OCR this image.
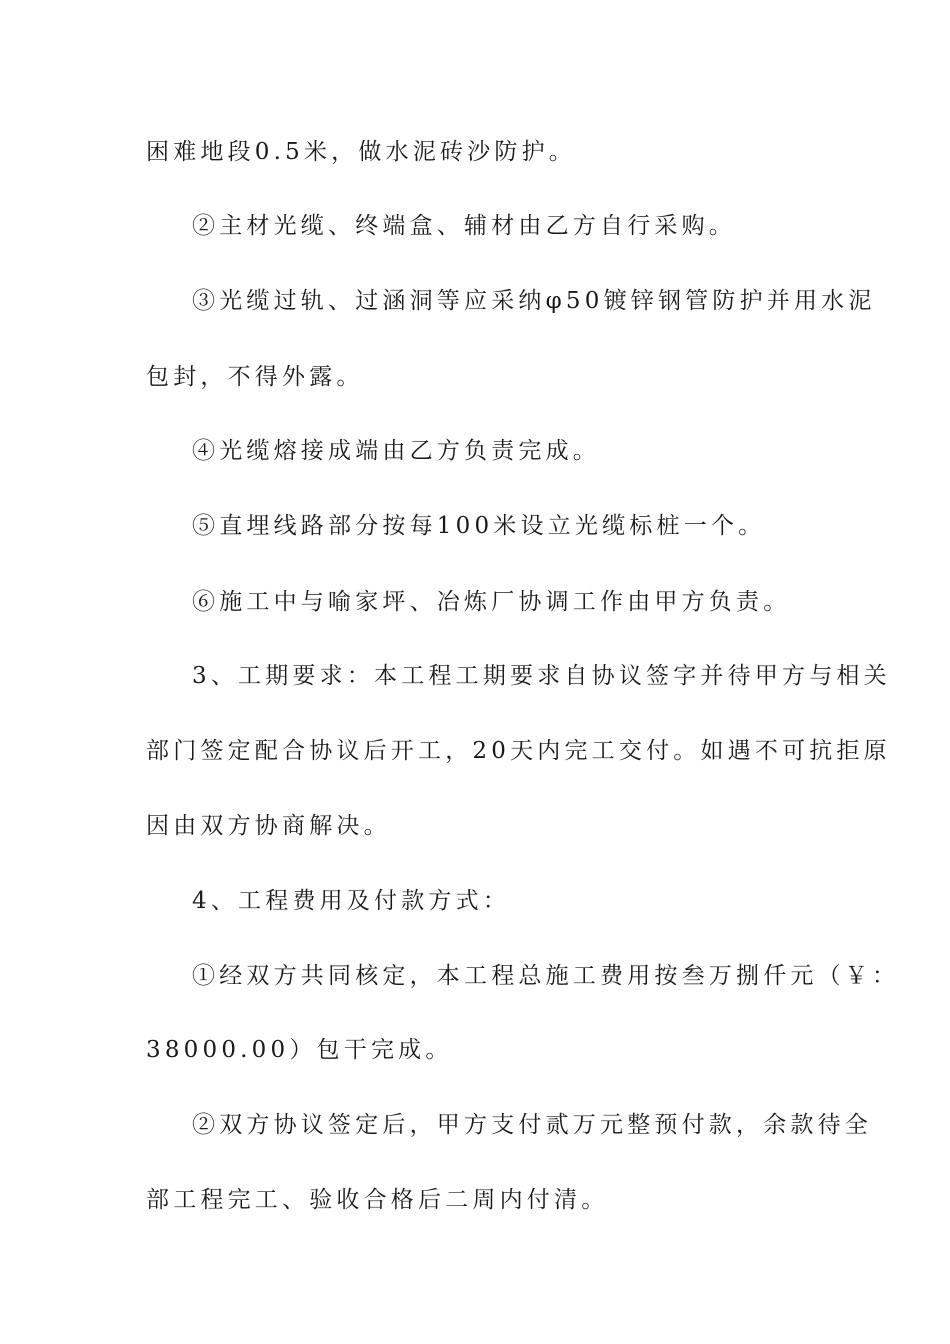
困难地段0.5米，做水泥砖沙防护。
②主材光缆、终端盒、辅材由乙方自行采购。
③光缆过轨、过涵洞等应采纳φ50镀锌钢管防护并用水泥
包封，不得外露。
④光缆熔接成端由乙方负责完成。
⑤直埋线路部分按每100米设立光缆标桩一个。
⑥施工中与喻家坪、冶炼厂协调工作由甲方负责。
3、工期要求：本工程工期要求自协议签字并待甲方与相关
部门签定配合协议后开工，20天内完工交付。如遇不可抗拒原
因由双方协商解决。
4、工程费用及付款方式：
①经双方共同核定，本工程总施工费用按叁万捌仟元（￥：
38000.00）包干完成。
②双方协议签定后，甲方支付贰万元整预付款，余款待全
部工程完工、验收合格后二周内付清。
